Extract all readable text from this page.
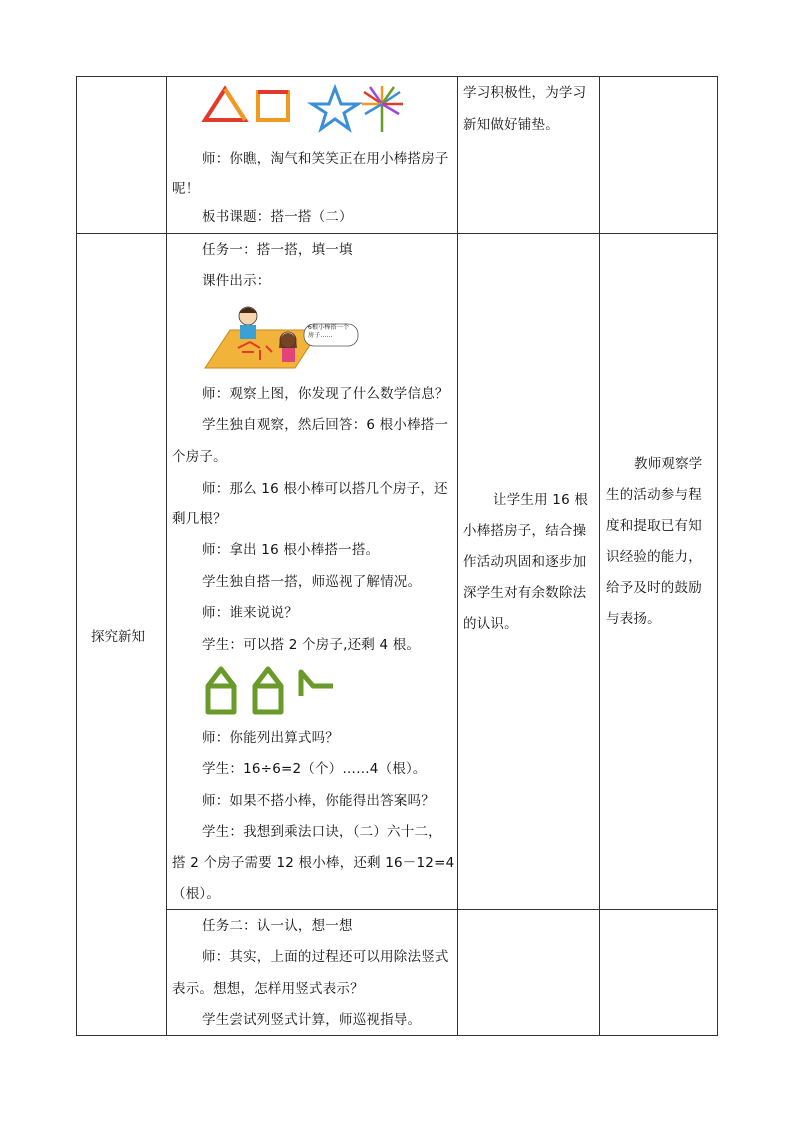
师：你瞧，淘气和笑笑正在用小棒搭房子
呢！
板书课题：搭一搭（二）
学习积极性，为学习
新知做好铺垫。
探究新知
任务一：搭一搭，填一填
课件出示：
6根小棒搭一个
房子……
师：观察上图，你发现了什么数学信息？
学生独自观察，然后回答：6 根小棒搭一
个房子。
师：那么 16 根小棒可以搭几个房子，还
剩几根？
师：拿出 16 根小棒搭一搭。
学生独自搭一搭，师巡视了解情况。
师：谁来说说？
学生：可以搭 2 个房子,还剩 4 根。
师：你能列出算式吗？
学生：16÷6=2（个）……4（根）。
师：如果不搭小棒，你能得出答案吗？
学生：我想到乘法口诀，（二）六十二，
搭 2 个房子需要 12 根小棒，还剩 16－12=4
（根）。
让学生用 16 根
小棒搭房子，结合操
作活动巩固和逐步加
深学生对有余数除法
的认识。
教师观察学
生的活动参与程
度和提取已有知
识经验的能力，
给予及时的鼓励
与表扬。
任务二：认一认，想一想
师：其实，上面的过程还可以用除法竖式
表示。想想，怎样用竖式表示？
学生尝试列竖式计算，师巡视指导。
